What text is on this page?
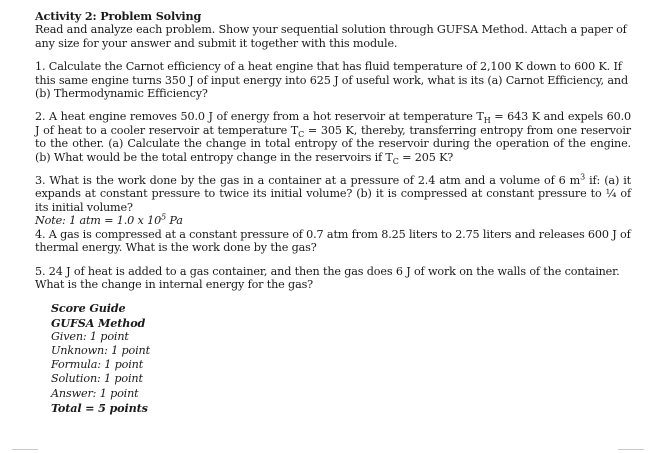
Activity 2: Problem Solving

Read and analyze each problem. Show your sequential solution through GUFSA Method. Attach a paper of any size for your answer and submit it together with this module.

1. Calculate the Carnot efficiency of a heat engine that has fluid temperature of 2,100 K down to 600 K. If this same engine turns 350 J of input energy into 625 J of useful work, what is its (a) Carnot Efficiency, and (b) Thermodynamic Efficiency?

2. A heat engine removes 50.0 J of energy from a hot reservoir at temperature $T_H = 643$ K and expels 60.0 J of heat to a cooler reservoir at temperature $T_C = 305$ K, thereby, transferring entropy from one reservoir to the other. (a) Calculate the change in total entropy of the reservoir during the operation of the engine. (b) What would be the total entropy change in the reservoirs if $T_C = 205$ K?

3. What is the work done by the gas in a container at a pressure of 2.4 atm and a volume of 6 $m^3$ if: (a) it expands at constant pressure to twice its initial volume? (b) it is compressed at constant pressure to ¼ of its initial volume?

Note: 1 atm = 1.0 x $10^5$ Pa

4. A gas is compressed at a constant pressure of 0.7 atm from 8.25 liters to 2.75 liters and releases 600 J of thermal energy. What is the work done by the gas?

5. 24 J of heat is added to a gas container, and then the gas does 6 J of work on the walls of the container. What is the change in internal energy for the gas?

Score Guide

GUFSA Method

Given: 1 point

Unknown: 1 point

Formula: 1 point

Solution: 1 point

Answer: 1 point

Total = 5 points
